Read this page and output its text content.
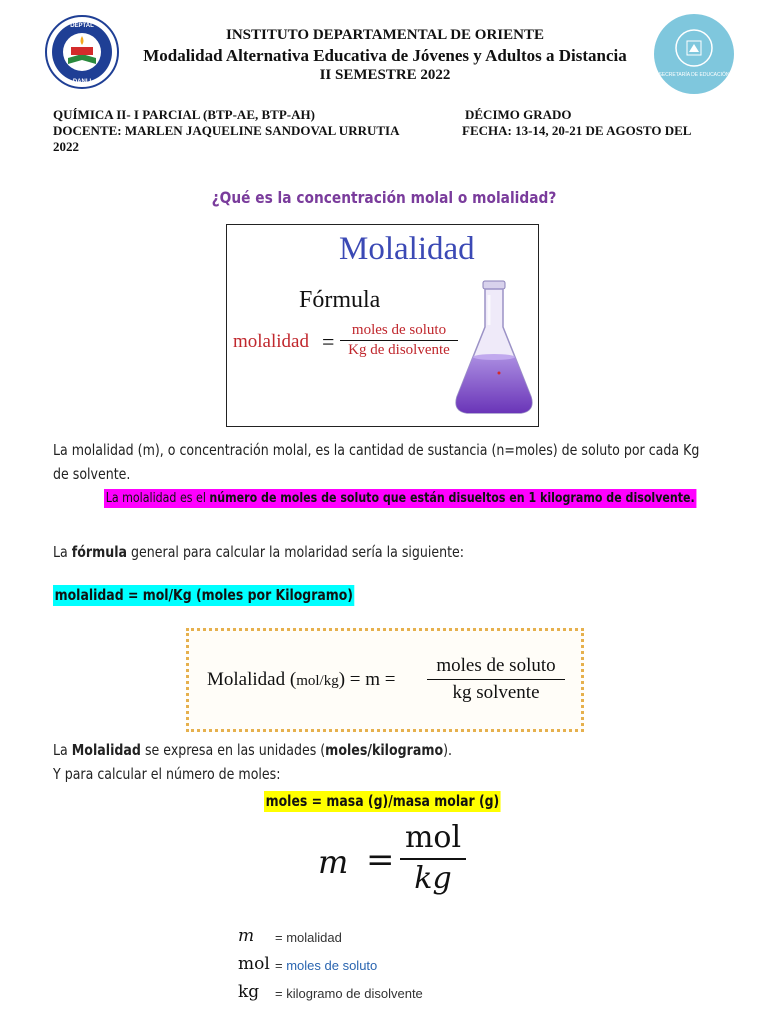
DEPTAL
DANLI
INSTITUTO DEPARTAMENTAL DE ORIENTE
Modalidad Alternativa Educativa de Jóvenes y Adultos a Distancia
II SEMESTRE 2022	SECRETARÍA DE EDUCACIÓN
QUÍMICA II- I PARCIAL (BTP-AE, BTP-AH)	DÉCIMO GRADO
DOCENTE: MARLEN JAQUELINE SANDOVAL URRUTIA	FECHA: 13-14, 20-21 DE AGOSTO DEL
2022
¿Qué es la concentración molal o molalidad?
Molalidad
Fórmula
molalidad =	moles de soluto
Kg de disolvente
La molalidad (m), o concentración molal, es la cantidad de sustancia (n=moles) de soluto por cada Kg
de solvente.
La molalidad es el número de moles de soluto que están disueltos en 1 kilogramo de disolvente.
La fórmula general para calcular la molaridad sería la siguiente:
molalidad = mol/Kg (moles por Kilogramo)
Molalidad (mol/kg) = m =
moles de soluto
kg solvente
La Molalidad se expresa en las unidades (moles/kilogramo).
Y para calcular el número de moles:
moles = masa (g)/masa molar (g)
m =
mol
kg
m = molalidad
mol = moles de soluto
kg = kilogramo de disolvente
